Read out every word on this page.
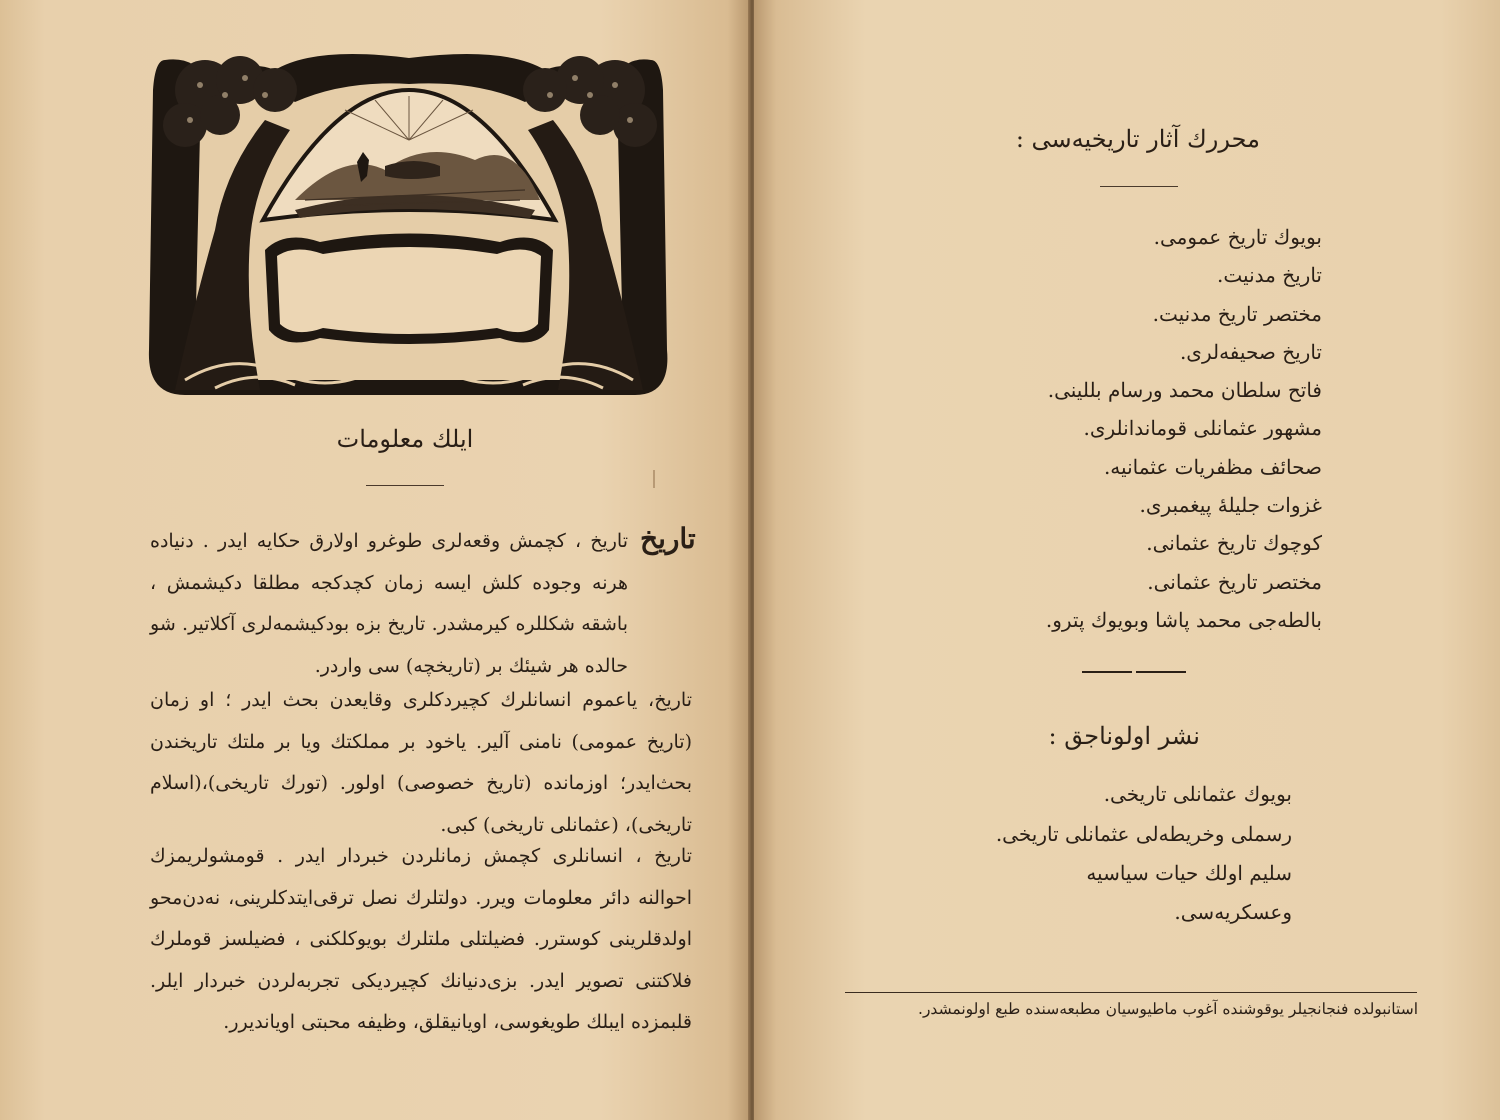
ایلك معلومات
تاریخ
تاریخ ، کچمش وقعه‌لری طوغرو اولارق حکایه ایدر . دنیاده هرنه وجوده کلش ایسه زمان کچدکجه مطلقا دکیشمش ، باشقه شکللره کیرمشدر. تاریخ بزه بودکیشمه‌لری آکلاتیر. شو حالده هر شیئك بر (تاریخچه) سی واردر.
تاریخ، یاعموم انسانلرك کچیردکلری وقایعدن بحث ایدر ؛ او زمان (تاریخ عمومی) نامنی آلیر. یاخود بر مملکتك ویا بر ملتك تاریخندن بحث‌ایدر؛ اوزمانده (تاریخ خصوصی) اولور. (تورك تاریخی)،(اسلام تاریخی)، (عثمانلی تاریخی) کبی.
تاریخ ، انسانلری کچمش زمانلردن خبردار ایدر . قومشولریمزك احوالنه دائر معلومات ویرر. دولتلرك نصل ترقی‌ایتدکلرینی، نه‌دن‌محو اولدقلرینی کوسترر. فضیلتلی ملتلرك بویوکلکنی ، فضیلسز قوملرك فلاکتنی تصویر ایدر. بزی‌دنیانك کچیردیکی تجربه‌لردن خبردار ایلر. قلبمزده ایبلك طویغوسی، اویانیقلق، وظیفه محبتی اویاندیرر.
محررك آثار تاریخیه‌سی :
بویوك تاریخ عمومی.
تاریخ مدنیت.
مختصر تاریخ مدنیت.
تاریخ صحیفه‌لری.
فاتح سلطان محمد ورسام بللینی.
مشهور عثمانلی قوماندانلری.
صحائف مظفریات عثمانیه.
غزوات جلیلهٔ پیغمبری.
کوچوك تاریخ عثمانی.
مختصر تاریخ عثمانی.
بالطه‌جی محمد پاشا وبویوك پترو.
نشر اولوناجق :
بویوك عثمانلی تاریخی.
رسملی وخریطه‌لی عثمانلی تاریخی.
سلیم اولك حیات سیاسیه وعسکریه‌سی.
استانبولده فنجانجیلر یوقوشنده آغوب ماطیوسیان مطبعه‌سنده طبع اولونمشدر.
